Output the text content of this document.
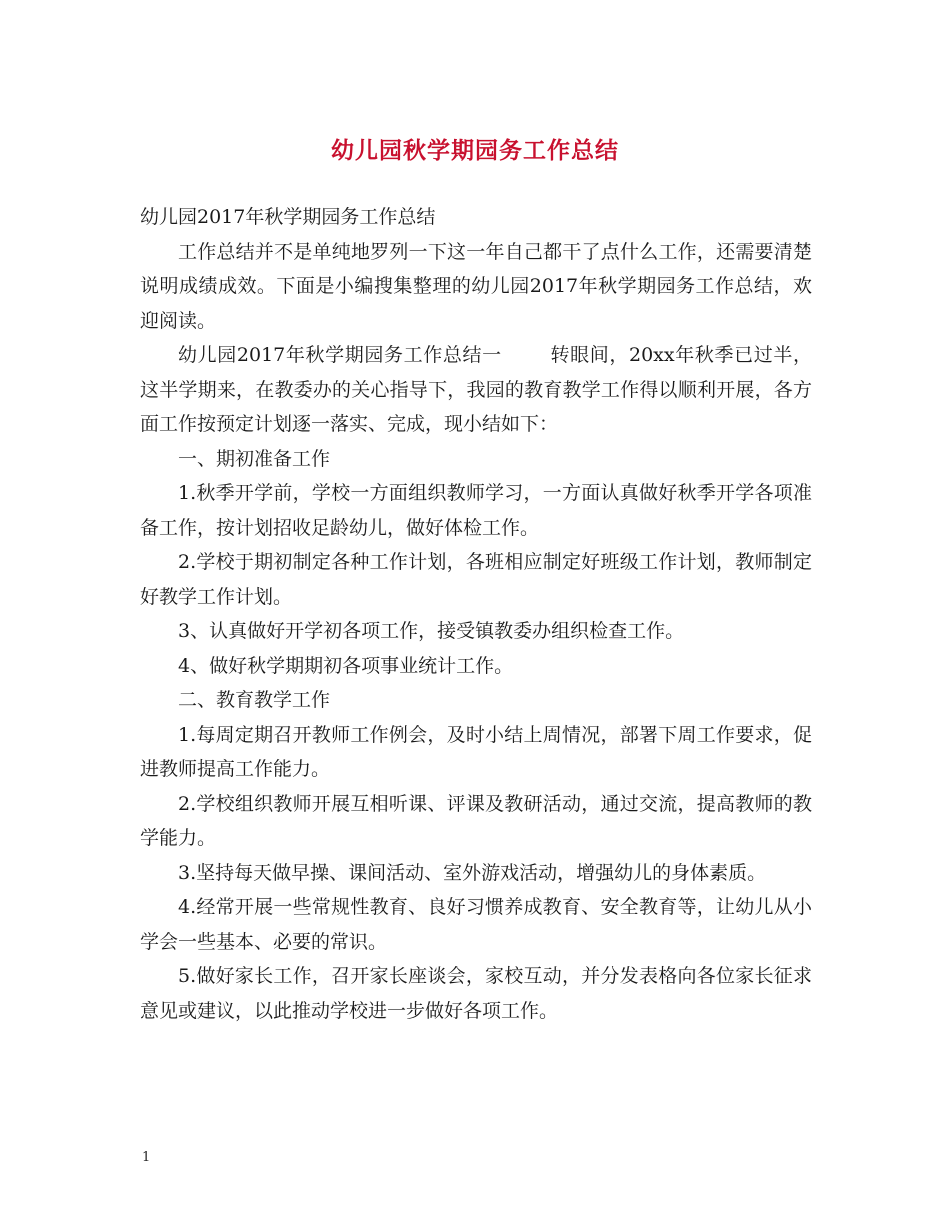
幼儿园秋学期园务工作总结

幼儿园2017年秋学期园务工作总结

工作总结并不是单纯地罗列一下这一年自己都干了点什么工作，还需要清楚说明成绩成效。下面是小编搜集整理的幼儿园2017年秋学期园务工作总结，欢迎阅读。

幼儿园2017年秋学期园务工作总结一	转眼间，20xx年秋季已过半，这半学期来，在教委办的关心指导下，我园的教育教学工作得以顺利开展，各方面工作按预定计划逐一落实、完成，现小结如下：

一、期初准备工作

1.秋季开学前，学校一方面组织教师学习，一方面认真做好秋季开学各项准备工作，按计划招收足龄幼儿，做好体检工作。

2.学校于期初制定各种工作计划，各班相应制定好班级工作计划，教师制定好教学工作计划。

3、认真做好开学初各项工作，接受镇教委办组织检查工作。

4、做好秋学期期初各项事业统计工作。

二、教育教学工作

1.每周定期召开教师工作例会，及时小结上周情况，部署下周工作要求，促进教师提高工作能力。

2.学校组织教师开展互相听课、评课及教研活动，通过交流，提高教师的教学能力。

3.坚持每天做早操、课间活动、室外游戏活动，增强幼儿的身体素质。

4.经常开展一些常规性教育、良好习惯养成教育、安全教育等，让幼儿从小学会一些基本、必要的常识。

5.做好家长工作，召开家长座谈会，家校互动，并分发表格向各位家长征求意见或建议，以此推动学校进一步做好各项工作。

1
